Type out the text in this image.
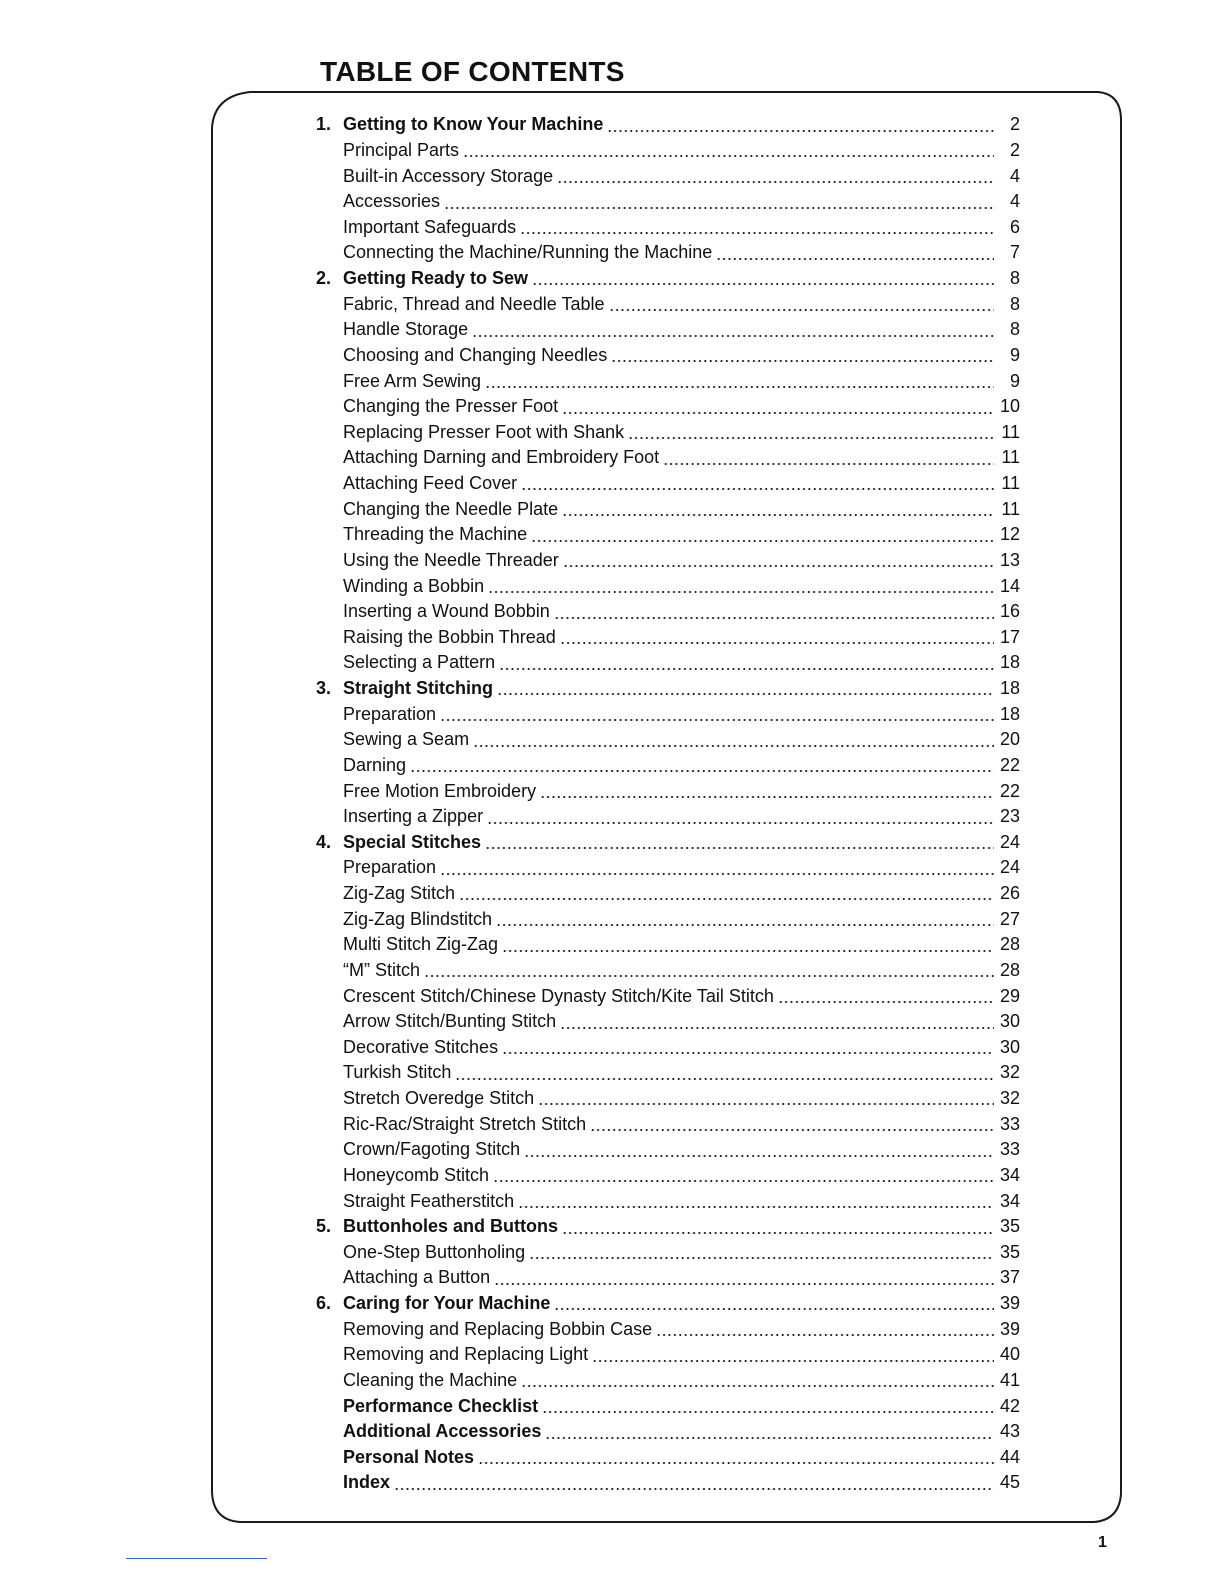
TABLE OF CONTENTS
1. Getting to Know Your Machine	2
Principal Parts	2
Built-in Accessory Storage	4
Accessories	4
Important Safeguards	6
Connecting the Machine/Running the Machine	7
2. Getting Ready to Sew	8
Fabric, Thread and Needle Table	8
Handle Storage	8
Choosing and Changing Needles	9
Free Arm Sewing	9
Changing the Presser Foot	10
Replacing Presser Foot with Shank	11
Attaching Darning and Embroidery Foot	11
Attaching Feed Cover	11
Changing the Needle Plate	11
Threading the Machine	12
Using the Needle Threader	13
Winding a Bobbin	14
Inserting a Wound Bobbin	16
Raising the Bobbin Thread	17
Selecting a Pattern	18
3. Straight Stitching	18
Preparation	18
Sewing a Seam	20
Darning	22
Free Motion Embroidery	22
Inserting a Zipper	23
4. Special Stitches	24
Preparation	24
Zig-Zag Stitch	26
Zig-Zag Blindstitch	27
Multi Stitch Zig-Zag	28
“M” Stitch	28
Crescent Stitch/Chinese Dynasty Stitch/Kite Tail Stitch	29
Arrow Stitch/Bunting Stitch	30
Decorative Stitches	30
Turkish Stitch	32
Stretch Overedge Stitch	32
Ric-Rac/Straight Stretch Stitch	33
Crown/Fagoting Stitch	33
Honeycomb Stitch	34
Straight Featherstitch	34
5. Buttonholes and Buttons	35
One-Step Buttonholing	35
Attaching a Button	37
6. Caring for Your Machine	39
Removing and Replacing Bobbin Case	39
Removing and Replacing Light	40
Cleaning the Machine	41
Performance Checklist	42
Additional Accessories	43
Personal Notes	44
Index	45
1
